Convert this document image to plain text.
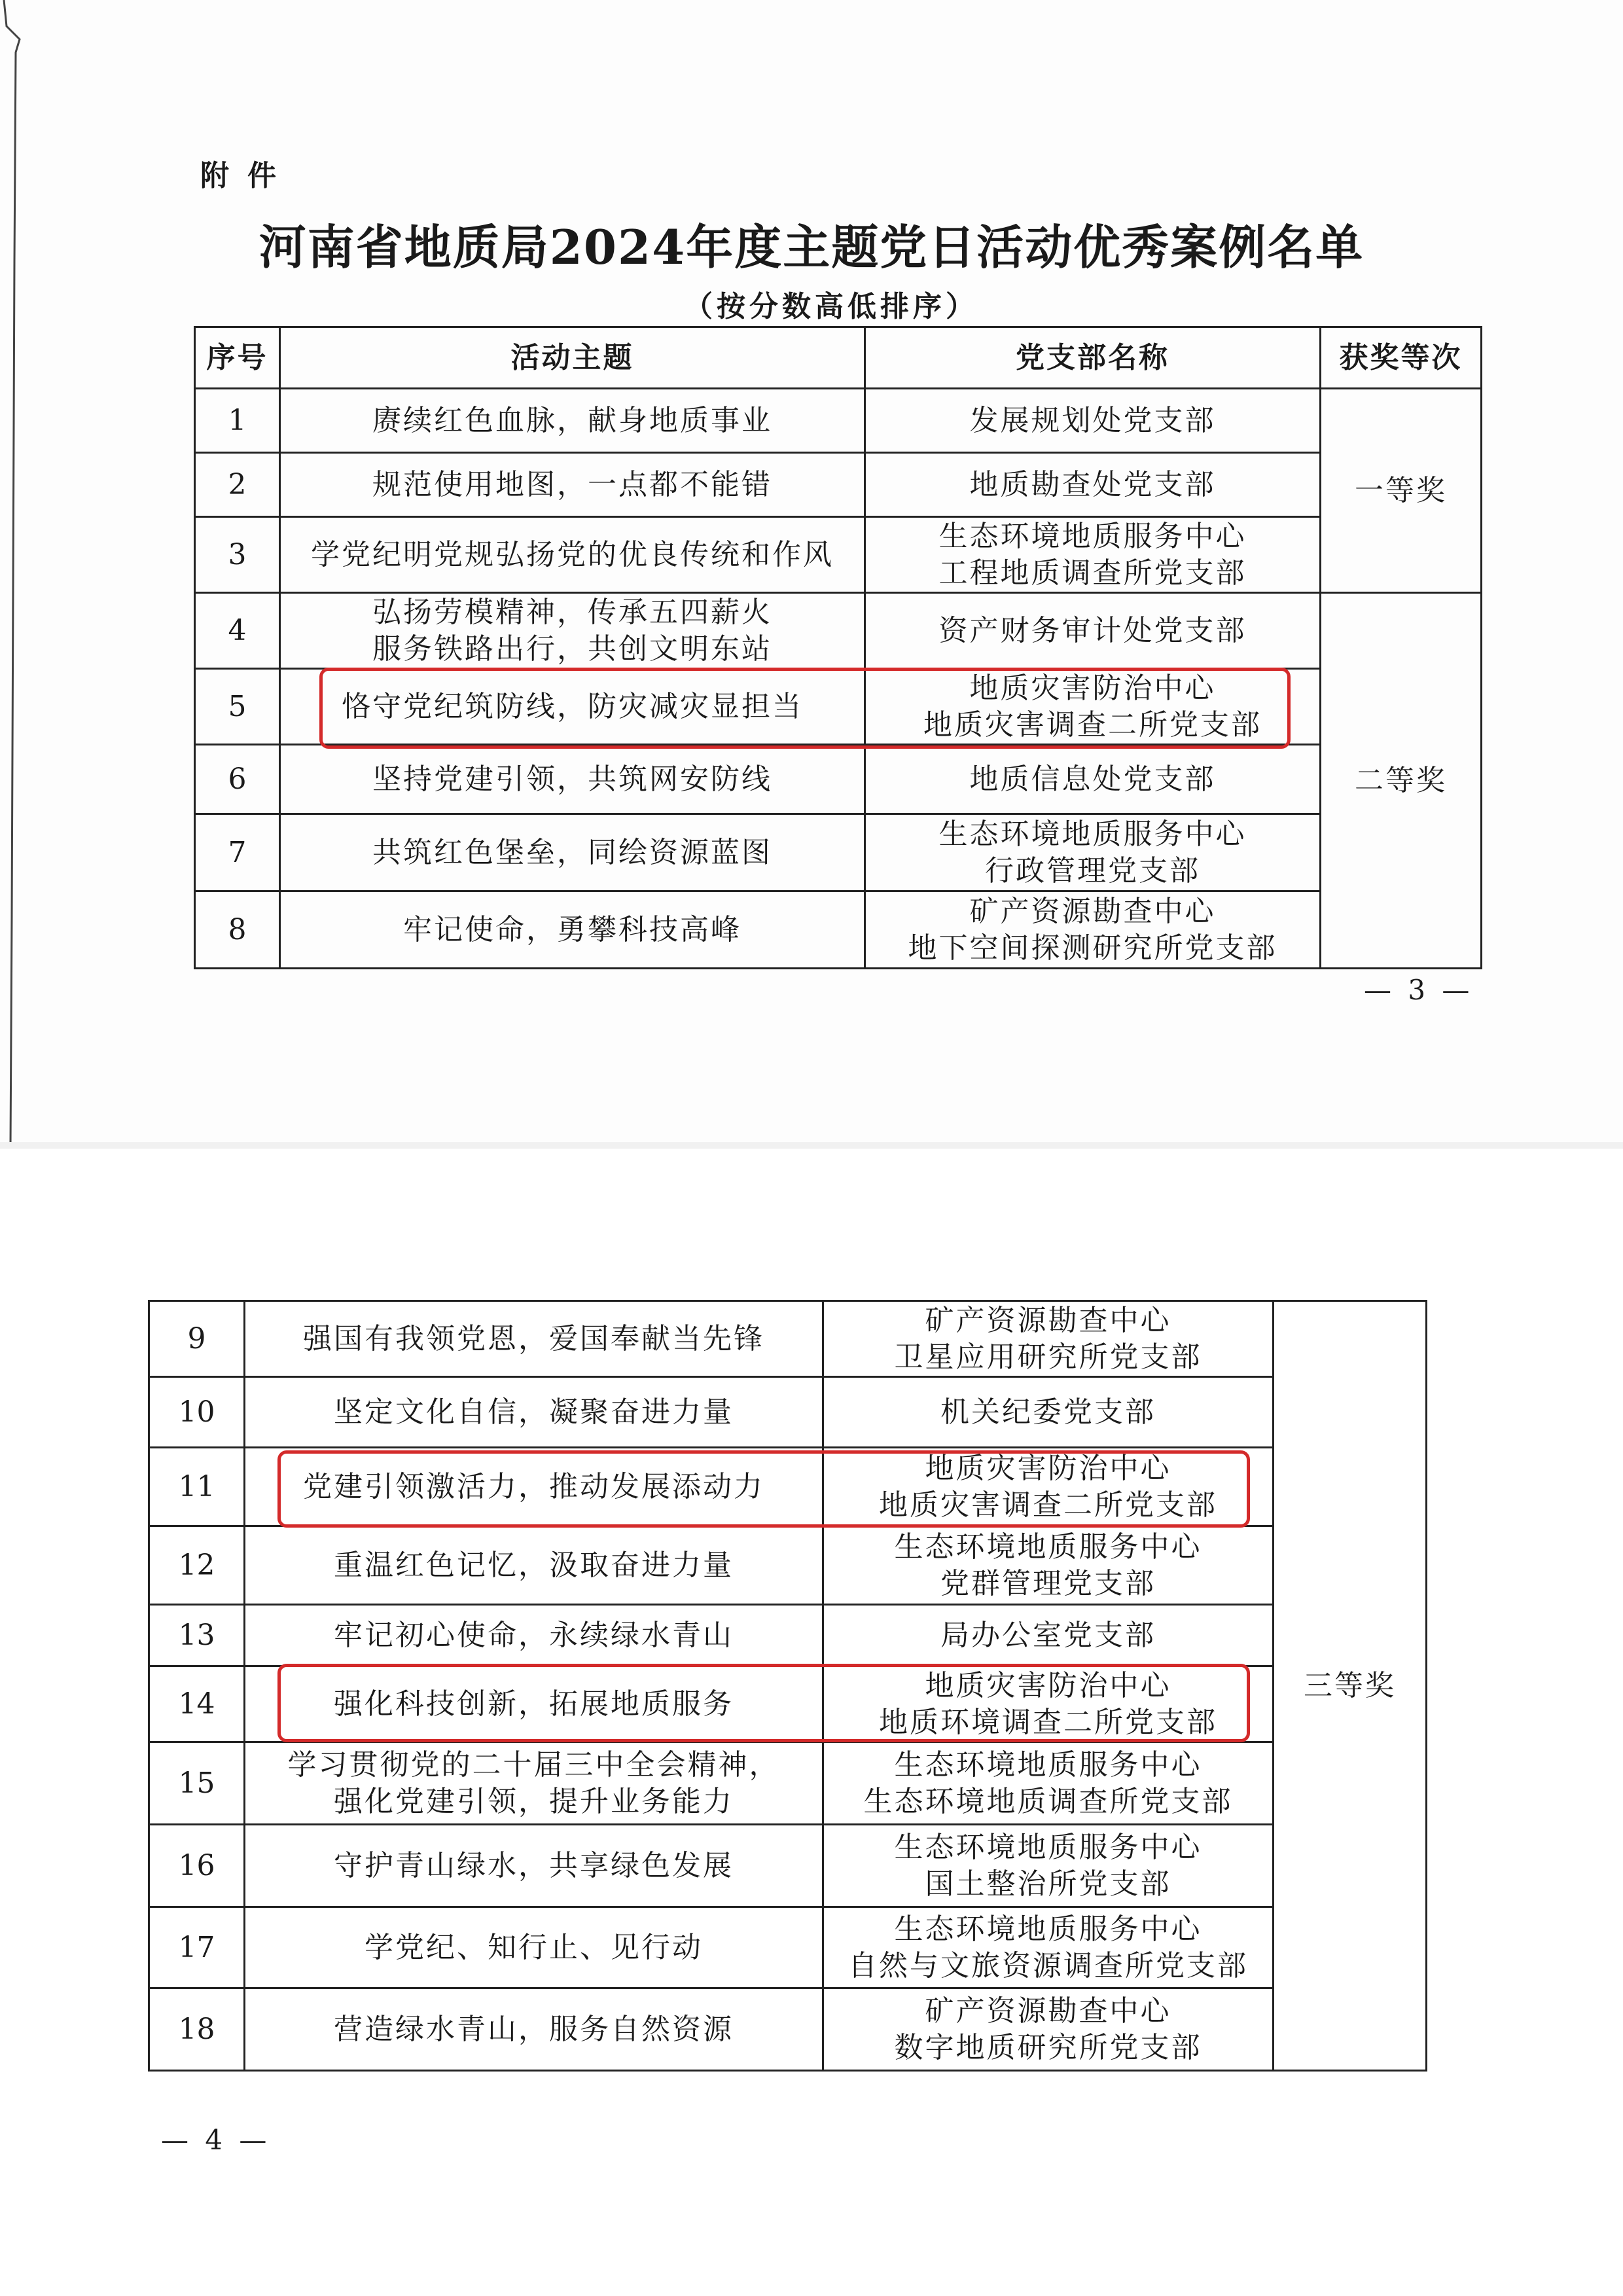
附件
河南省地质局2024年度主题党日活动优秀案例名单
（按分数高低排序）
序号	活动主题	党支部名称	获奖等次
1	赓续红色血脉，献身地质事业	发展规划处党支部	一等奖
2	规范使用地图，一点都不能错	地质勘查处党支部	
3	学党纪明党规弘扬党的优良传统和作风	生态环境地质服务中心
工程地质调查所党支部	

4	弘扬劳模精神，传承五四薪火
服务铁路出行，共创文明东站	资产财务审计处党支部	二等奖
5	恪守党纪筑防线，防灾减灾显担当	地质灾害防治中心
地质灾害调查二所党支部	

6	坚持党建引领，共筑网安防线	地质信息处党支部	
7	共筑红色堡垒，同绘资源蓝图	生态环境地质服务中心
行政管理党支部	

8	牢记使命，勇攀科技高峰	矿产资源勘查中心
地下空间探测研究所党支部	
— 3 —
9	强国有我领党恩，爱国奉献当先锋	矿产资源勘查中心
卫星应用研究所党支部	三等奖
10	坚定文化自信，凝聚奋进力量	机关纪委党支部	
11	党建引领激活力，推动发展添动力	地质灾害防治中心
地质灾害调查二所党支部	

12	重温红色记忆，汲取奋进力量	生态环境地质服务中心
党群管理党支部	

13	牢记初心使命，永续绿水青山	局办公室党支部	
14	强化科技创新，拓展地质服务	地质灾害防治中心
地质环境调查二所党支部	

15	学习贯彻党的二十届三中全会精神，
强化党建引领，提升业务能力	生态环境地质服务中心
生态环境地质调查所党支部	

16	守护青山绿水，共享绿色发展	生态环境地质服务中心
国土整治所党支部	

17	学党纪、知行止、见行动	生态环境地质服务中心
自然与文旅资源调查所党支部	

18	营造绿水青山，服务自然资源	矿产资源勘查中心
数字地质研究所党支部	
— 4 —
